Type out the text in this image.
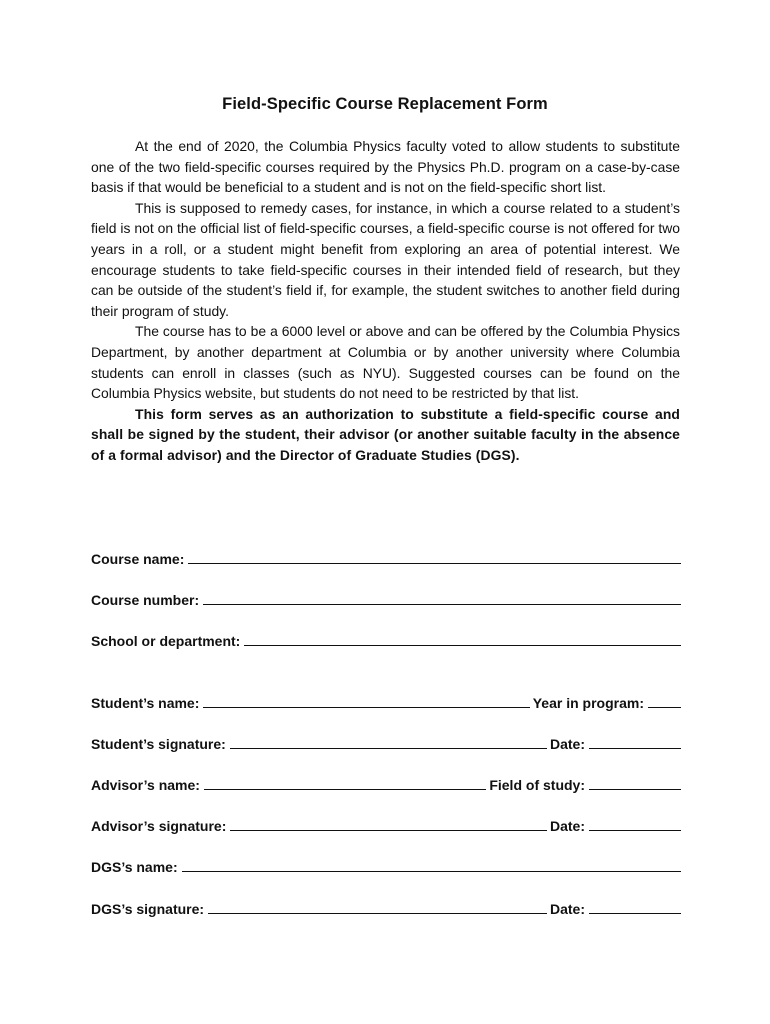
Field-Specific Course Replacement Form

At the end of 2020, the Columbia Physics faculty voted to allow students to substitute one of the two field-specific courses required by the Physics Ph.D. program on a case-by-case basis if that would be beneficial to a student and is not on the field-specific short list.

This is supposed to remedy cases, for instance, in which a course related to a student’s field is not on the official list of field-specific courses, a field-specific course is not offered for two years in a roll, or a student might benefit from exploring an area of potential interest. We encourage students to take field-specific courses in their intended field of research, but they can be outside of the student’s field if, for example, the student switches to another field during their program of study.

The course has to be a 6000 level or above and can be offered by the Columbia Physics Department, by another department at Columbia or by another university where Columbia students can enroll in classes (such as NYU). Suggested courses can be found on the Columbia Physics website, but students do not need to be restricted by that list.

This form serves as an authorization to substitute a field-specific course and shall be signed by the student, their advisor (or another suitable faculty in the absence of a formal advisor) and the Director of Graduate Studies (DGS).

Course name:
Course number:
School or department:
Student’s name:	Year in program:
Student’s signature:	Date:
Advisor’s name:	Field of study:
Advisor’s signature:	Date:
DGS’s name:
DGS’s signature:	Date:
